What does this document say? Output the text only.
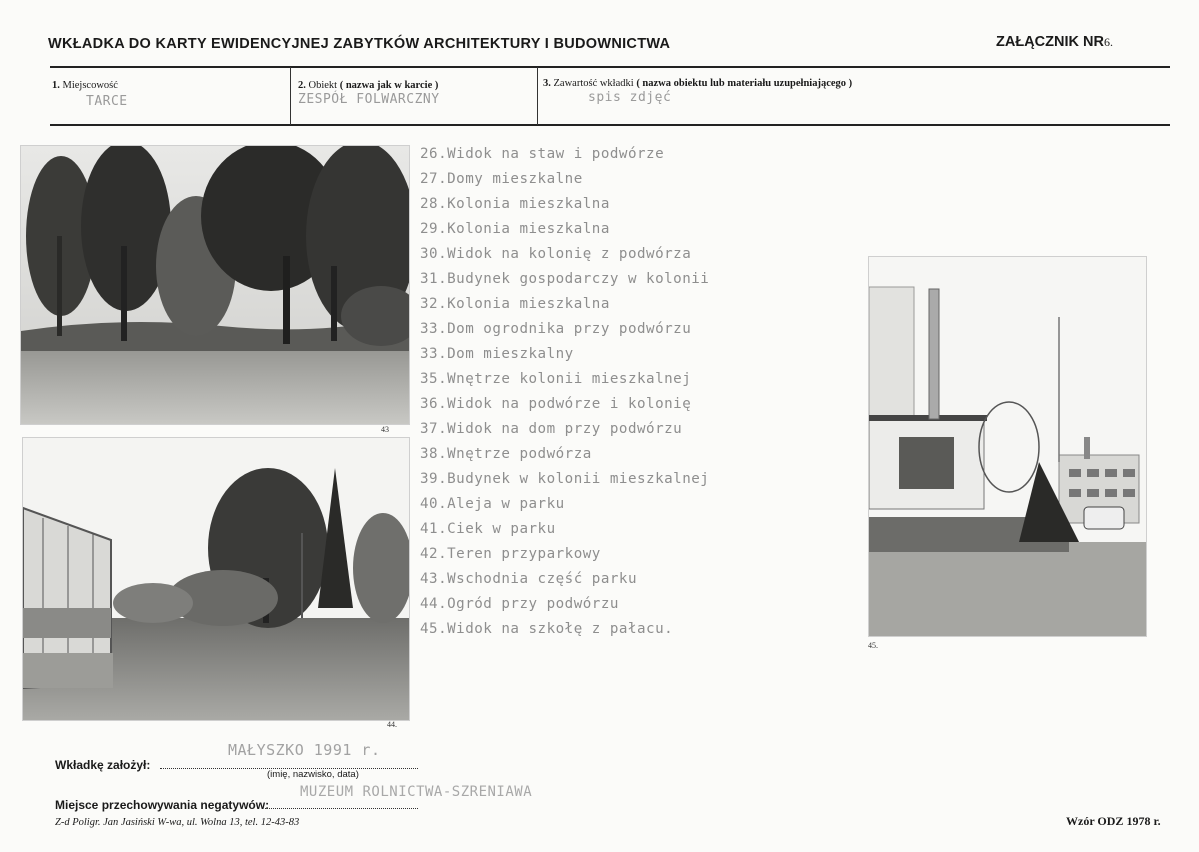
WKŁADKA DO KARTY EWIDENCYJNEJ ZABYTKÓW ARCHITEKTURY I BUDOWNICTWA	ZAŁĄCZNIK NR6.
1. Miejscowość
TARCE
2. Obiekt ( nazwa jak w karcie )
ZESPÓŁ FOLWARCZNY
3. Zawartość wkładki ( nazwa obiektu lub materiału uzupełniającego )
spis zdjęć
43
44.
26.Widok na staw i podwórze
27.Domy mieszkalne
28.Kolonia mieszkalna
29.Kolonia mieszkalna
30.Widok na kolonię z podwórza
31.Budynek gospodarczy w kolonii
32.Kolonia mieszkalna
33.Dom ogrodnika przy podwórzu
33.Dom mieszkalny
35.Wnętrze kolonii mieszkalnej
36.Widok na podwórze i kolonię
37.Widok na dom przy podwórzu
38.Wnętrze podwórza
39.Budynek w kolonii mieszkalnej
40.Aleja w parku
41.Ciek w parku
42.Teren przyparkowy
43.Wschodnia część parku
44.Ogród przy podwórzu
45.Widok na szkołę z pałacu.
45.
Wkładkę założył:
MAŁYSZKO 1991 r.
(imię, nazwisko, data)
Miejsce przechowywania negatywów:
MUZEUM ROLNICTWA-SZRENIAWA
Z-d Poligr. Jan Jasiński W-wa, ul. Wolna 13, tel. 12-43-83	Wzór ODZ 1978 r.
